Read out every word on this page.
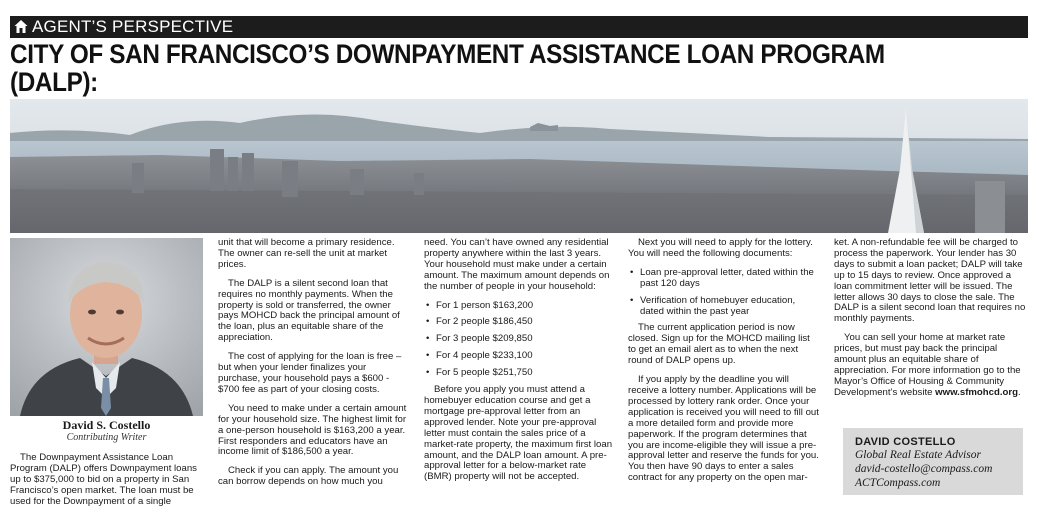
AGENT’S PERSPECTIVE
CITY OF SAN FRANCISCO’S DOWNPAYMENT ASSISTANCE LOAN PROGRAM (DALP):

David S. Costello
Contributing Writer

The Downpayment Assistance Loan Program (DALP) offers Downpayment loans up to $375,000 to bid on a property in San Francisco’s open market. The loan must be used for the Downpayment of a single

unit that will become a primary residence. The owner can re-sell the unit at market prices.

The DALP is a silent second loan that requires no monthly payments. When the property is sold or transferred, the owner pays MOHCD back the principal amount of the loan, plus an equitable share of the appreciation.

The cost of applying for the loan is free – but when your lender finalizes your purchase, your household pays a $600 - $700 fee as part of your closing costs.

You need to make under a certain amount for your household size. The highest limit for a one-person household is $163,200 a year. First responders and educators have an income limit of $186,500 a year.

Check if you can apply. The amount you can borrow depends on how much you

need. You can’t have owned any residential property anywhere within the last 3 years. Your household must make under a certain amount. The maximum amount depends on the number of people in your household:

• For 1 person $163,200
• For 2 people $186,450
• For 3 people $209,850
• For 4 people $233,100
• For 5 people $251,750

Before you apply you must attend a homebuyer education course and get a mortgage pre-approval letter from an approved lender. Note your pre-approval letter must contain the sales price of a market-rate property, the maximum first loan amount, and the DALP loan amount. A pre-approval letter for a below-market rate (BMR) property will not be accepted.

Next you will need to apply for the lottery. You will need the following documents:

• Loan pre-approval letter, dated within the past 120 days
• Verification of homebuyer education, dated within the past year

The current application period is now closed. Sign up for the MOHCD mailing list to get an email alert as to when the next round of DALP opens up.

If you apply by the deadline you will receive a lottery number. Applications will be processed by lottery rank order. Once your application is received you will need to fill out a more detailed form and provide more paperwork. If the program determines that you are income-eligible they will issue a pre-approval letter and reserve the funds for you. You then have 90 days to enter a sales contract for any property on the open mar-

ket. A non-refundable fee will be charged to process the paperwork. Your lender has 30 days to submit a loan packet; DALP will take up to 15 days to review. Once approved a loan commitment letter will be issued. The letter allows 30 days to close the sale. The DALP is a silent second loan that requires no monthly payments.

You can sell your home at market rate prices, but must pay back the principal amount plus an equitable share of appreciation. For more information go to the Mayor’s Office of Housing & Community Development’s website www.sfmohcd.org.

DAVID COSTELLO
Global Real Estate Advisor
david-costello@compass.com
ACTCompass.com
